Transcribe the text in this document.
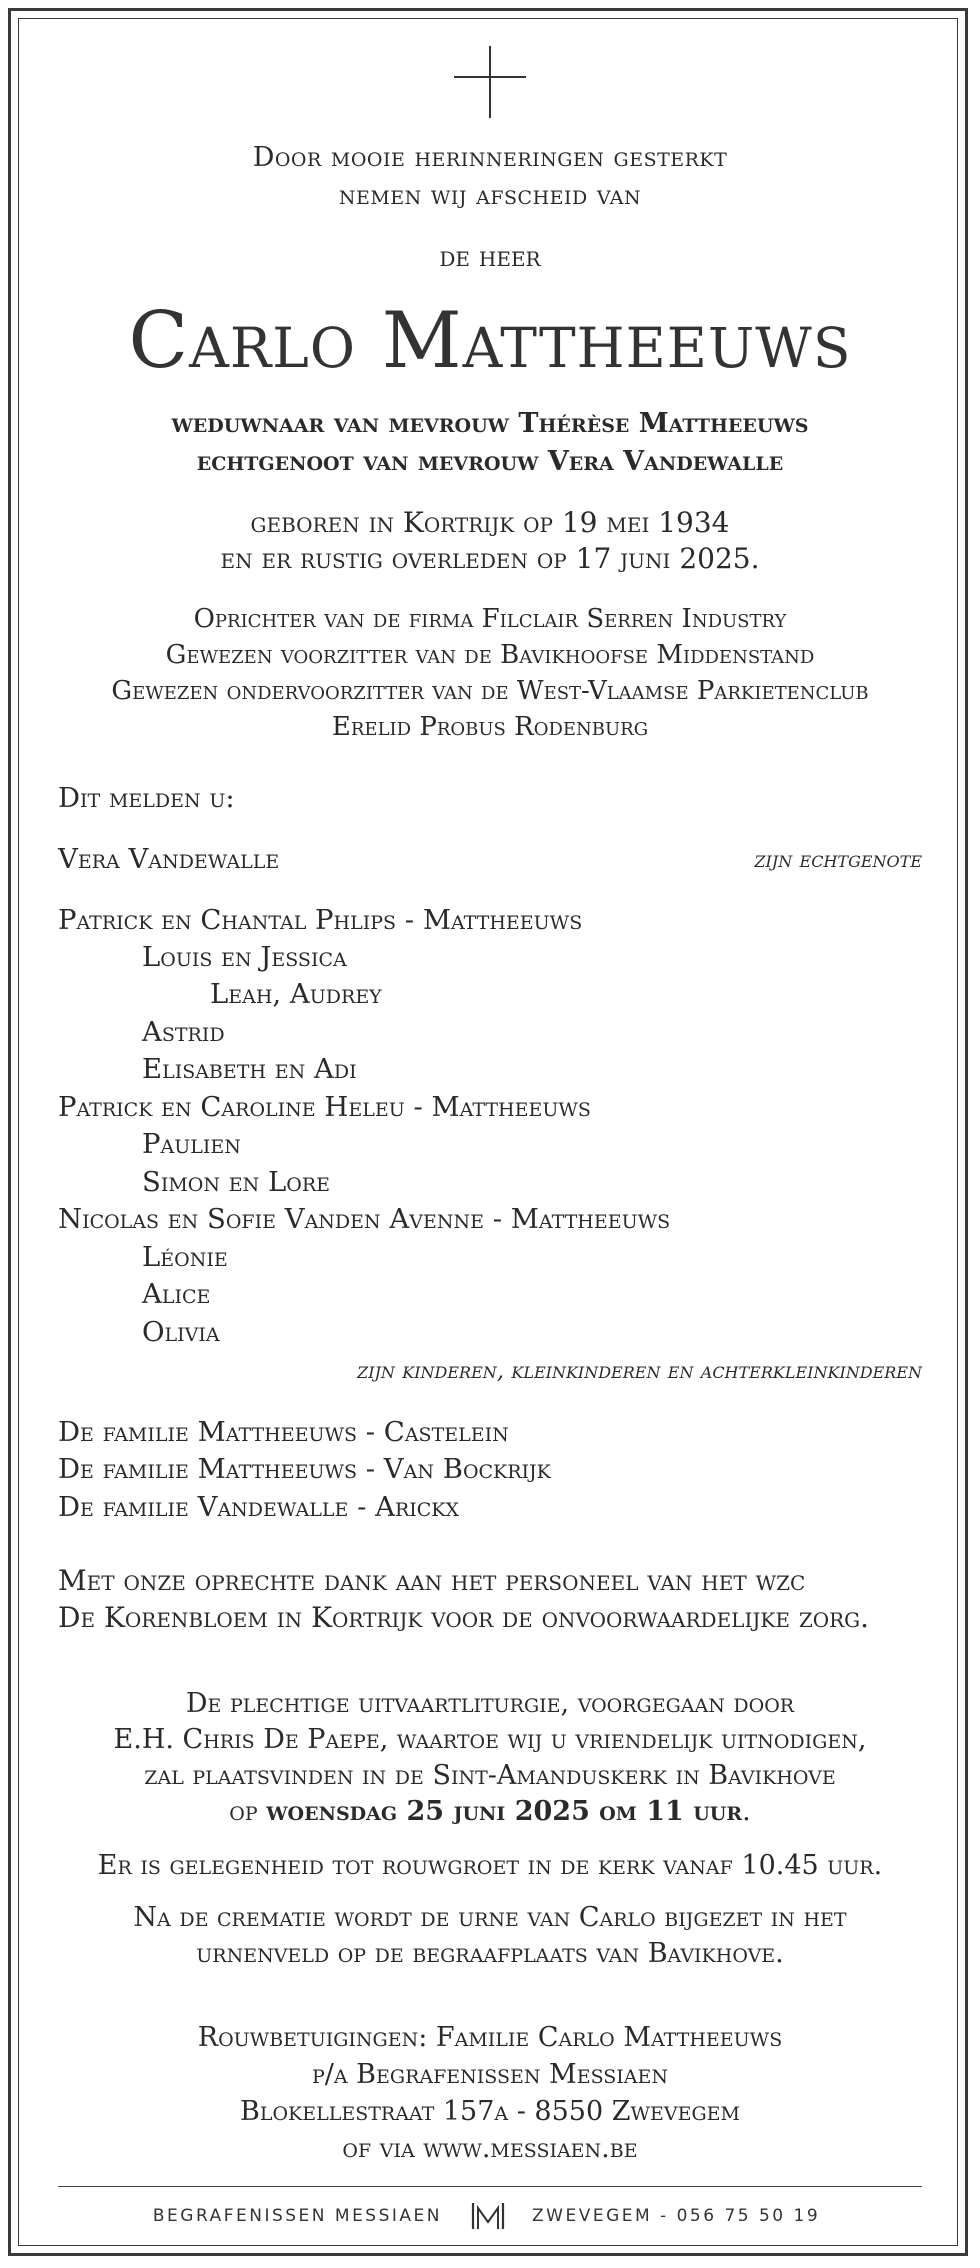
Door mooie herinneringen gesterkt
nemen wij afscheid van
de heer
Carlo Mattheeuws
weduwnaar van mevrouw Thérèse Mattheeuws
echtgenoot van mevrouw Vera Vandewalle
geboren in Kortrijk op 19 mei 1934
en er rustig overleden op 17 juni 2025.
Oprichter van de firma Filclair Serren Industry
Gewezen voorzitter van de Bavikhoofse Middenstand
Gewezen ondervoorzitter van de West-Vlaamse Parkietenclub
Erelid Probus Rodenburg
Dit melden u:
Vera Vandewalle	zijn echtgenote
Patrick en Chantal Phlips - Mattheeuws
Louis en Jessica
Leah, Audrey
Astrid
Elisabeth en Adi
Patrick en Caroline Heleu - Mattheeuws
Paulien
Simon en Lore
Nicolas en Sofie Vanden Avenne - Mattheeuws
Léonie
Alice
Olivia
zijn kinderen, kleinkinderen en achterkleinkinderen
De familie Mattheeuws - Castelein
De familie Mattheeuws - Van Bockrijk
De familie Vandewalle - Arickx
Met onze oprechte dank aan het personeel van het wzc
De Korenbloem in Kortrijk voor de onvoorwaardelijke zorg.
De plechtige uitvaartliturgie, voorgegaan door
E.H. Chris De Paepe, waartoe wij u vriendelijk uitnodigen,
zal plaatsvinden in de Sint-Amanduskerk in Bavikhove
op woensdag 25 juni 2025 om 11 uur.
Er is gelegenheid tot rouwgroet in de kerk vanaf 10.45 uur.
Na de crematie wordt de urne van Carlo bijgezet in het
urnenveld op de begraafplaats van Bavikhove.
Rouwbetuigingen: Familie Carlo Mattheeuws
p/a Begrafenissen Messiaen
Blokellestraat 157a - 8550 Zwevegem
of via www.messiaen.be
BEGRAFENISSEN MESSIAEN	ZWEVEGEM - 056 75 50 19
